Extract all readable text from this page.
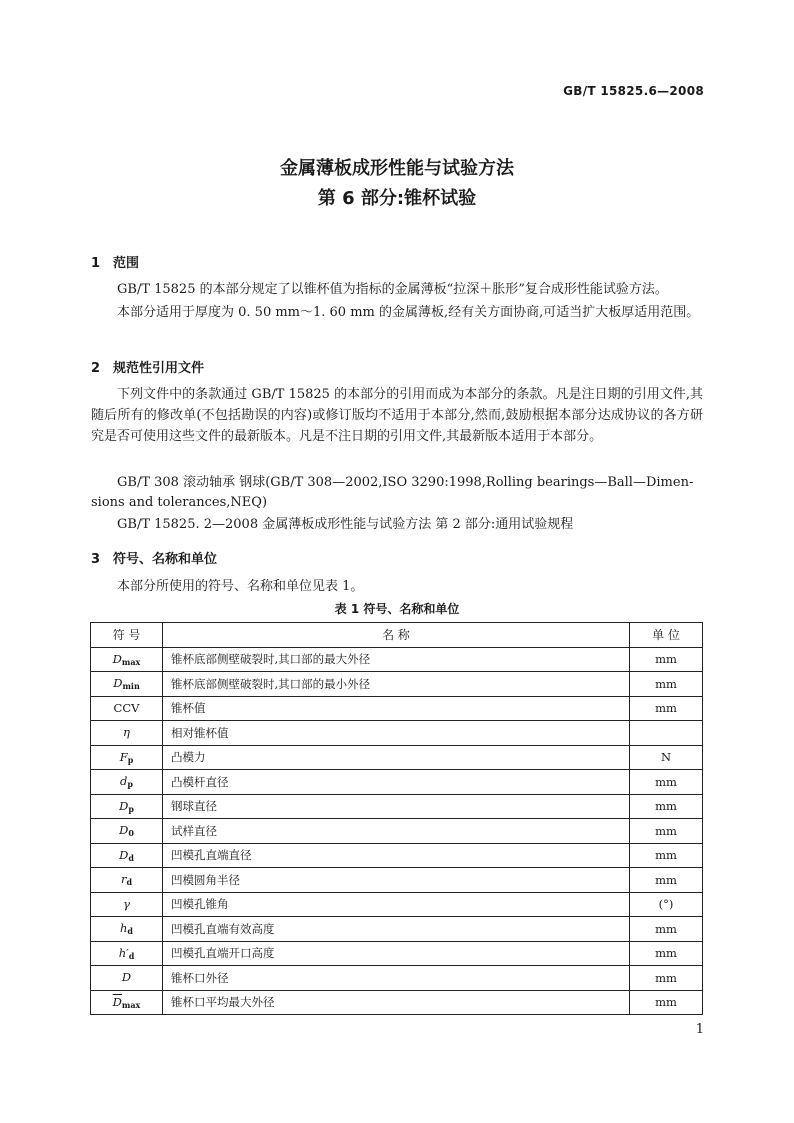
GB/T 15825.6—2008
金属薄板成形性能与试验方法
第 6 部分:锥杯试验
1 范围
GB/T 15825 的本部分规定了以锥杯值为指标的金属薄板“拉深＋胀形”复合成形性能试验方法。
本部分适用于厚度为 0. 50 mm～1. 60 mm 的金属薄板,经有关方面协商,可适当扩大板厚适用范围。
2 规范性引用文件
下列文件中的条款通过 GB/T 15825 的本部分的引用而成为本部分的条款。凡是注日期的引用文件,其随后所有的修改单(不包括勘误的内容)或修订版均不适用于本部分,然而,鼓励根据本部分达成协议的各方研究是否可使用这些文件的最新版本。凡是不注日期的引用文件,其最新版本适用于本部分。
GB/T 308 滚动轴承 钢球(GB/T 308—2002,ISO 3290:1998,Rolling bearings—Ball—Dimen-
sions and tolerances,NEQ)
GB/T 15825. 2—2008 金属薄板成形性能与试验方法 第 2 部分:通用试验规程
3 符号、名称和单位
本部分所使用的符号、名称和单位见表 1。
表 1 符号、名称和单位
符 号	名 称	单 位
$D_{max}$	锥杯底部侧壁破裂时,其口部的最大外径	mm
$D_{min}$	锥杯底部侧壁破裂时,其口部的最小外径	mm
CCV	锥杯值	mm
η	相对锥杯值	
$F_p$	凸模力	N
$d_p$	凸模杆直径	mm
$D_p$	钢球直径	mm
$D_0$	试样直径	mm
$D_d$	凹模孔直端直径	mm
$r_d$	凹模圆角半径	mm
γ	凹模孔锥角	(°)
$h_d$	凹模孔直端有效高度	mm
$h'_d$	凹模孔直端开口高度	mm
D	锥杯口外径	mm
$\overline{D}_{max}$	锥杯口平均最大外径	mm
1
